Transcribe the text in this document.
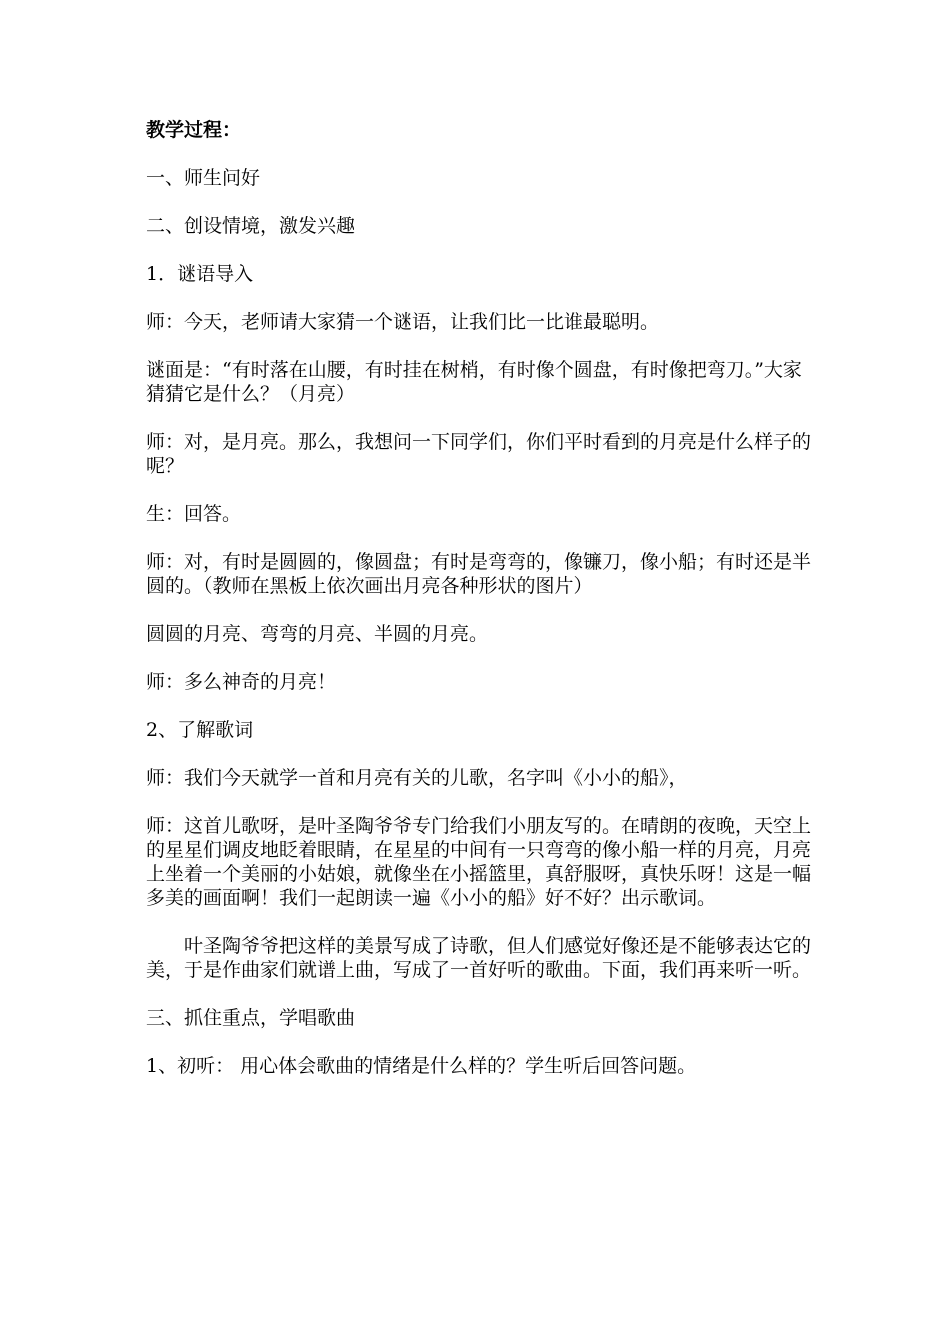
教学过程：

一、师生问好

二、创设情境，激发兴趣

1．谜语导入

师：今天，老师请大家猜一个谜语，让我们比一比谁最聪明。

谜面是：“有时落在山腰，有时挂在树梢，有时像个圆盘，有时像把弯刀。”大家猜猜它是什么？（月亮）

师：对，是月亮。那么，我想问一下同学们，你们平时看到的月亮是什么样子的呢？

生：回答。

师：对，有时是圆圆的，像圆盘；有时是弯弯的，像镰刀，像小船；有时还是半圆的。（教师在黑板上依次画出月亮各种形状的图片）

圆圆的月亮、弯弯的月亮、半圆的月亮。

师：多么神奇的月亮！

2、了解歌词

师：我们今天就学一首和月亮有关的儿歌，名字叫《小小的船》，

师：这首儿歌呀，是叶圣陶爷爷专门给我们小朋友写的。在晴朗的夜晚，天空上的星星们调皮地眨着眼睛，在星星的中间有一只弯弯的像小船一样的月亮，月亮上坐着一个美丽的小姑娘，就像坐在小摇篮里，真舒服呀，真快乐呀！这是一幅多美的画面啊！我们一起朗读一遍《小小的船》好不好？出示歌词。

叶圣陶爷爷把这样的美景写成了诗歌，但人们感觉好像还是不能够表达它的美，于是作曲家们就谱上曲，写成了一首好听的歌曲。下面，我们再来听一听。

三、抓住重点，学唱歌曲

1、初听： 用心体会歌曲的情绪是什么样的？学生听后回答问题。
